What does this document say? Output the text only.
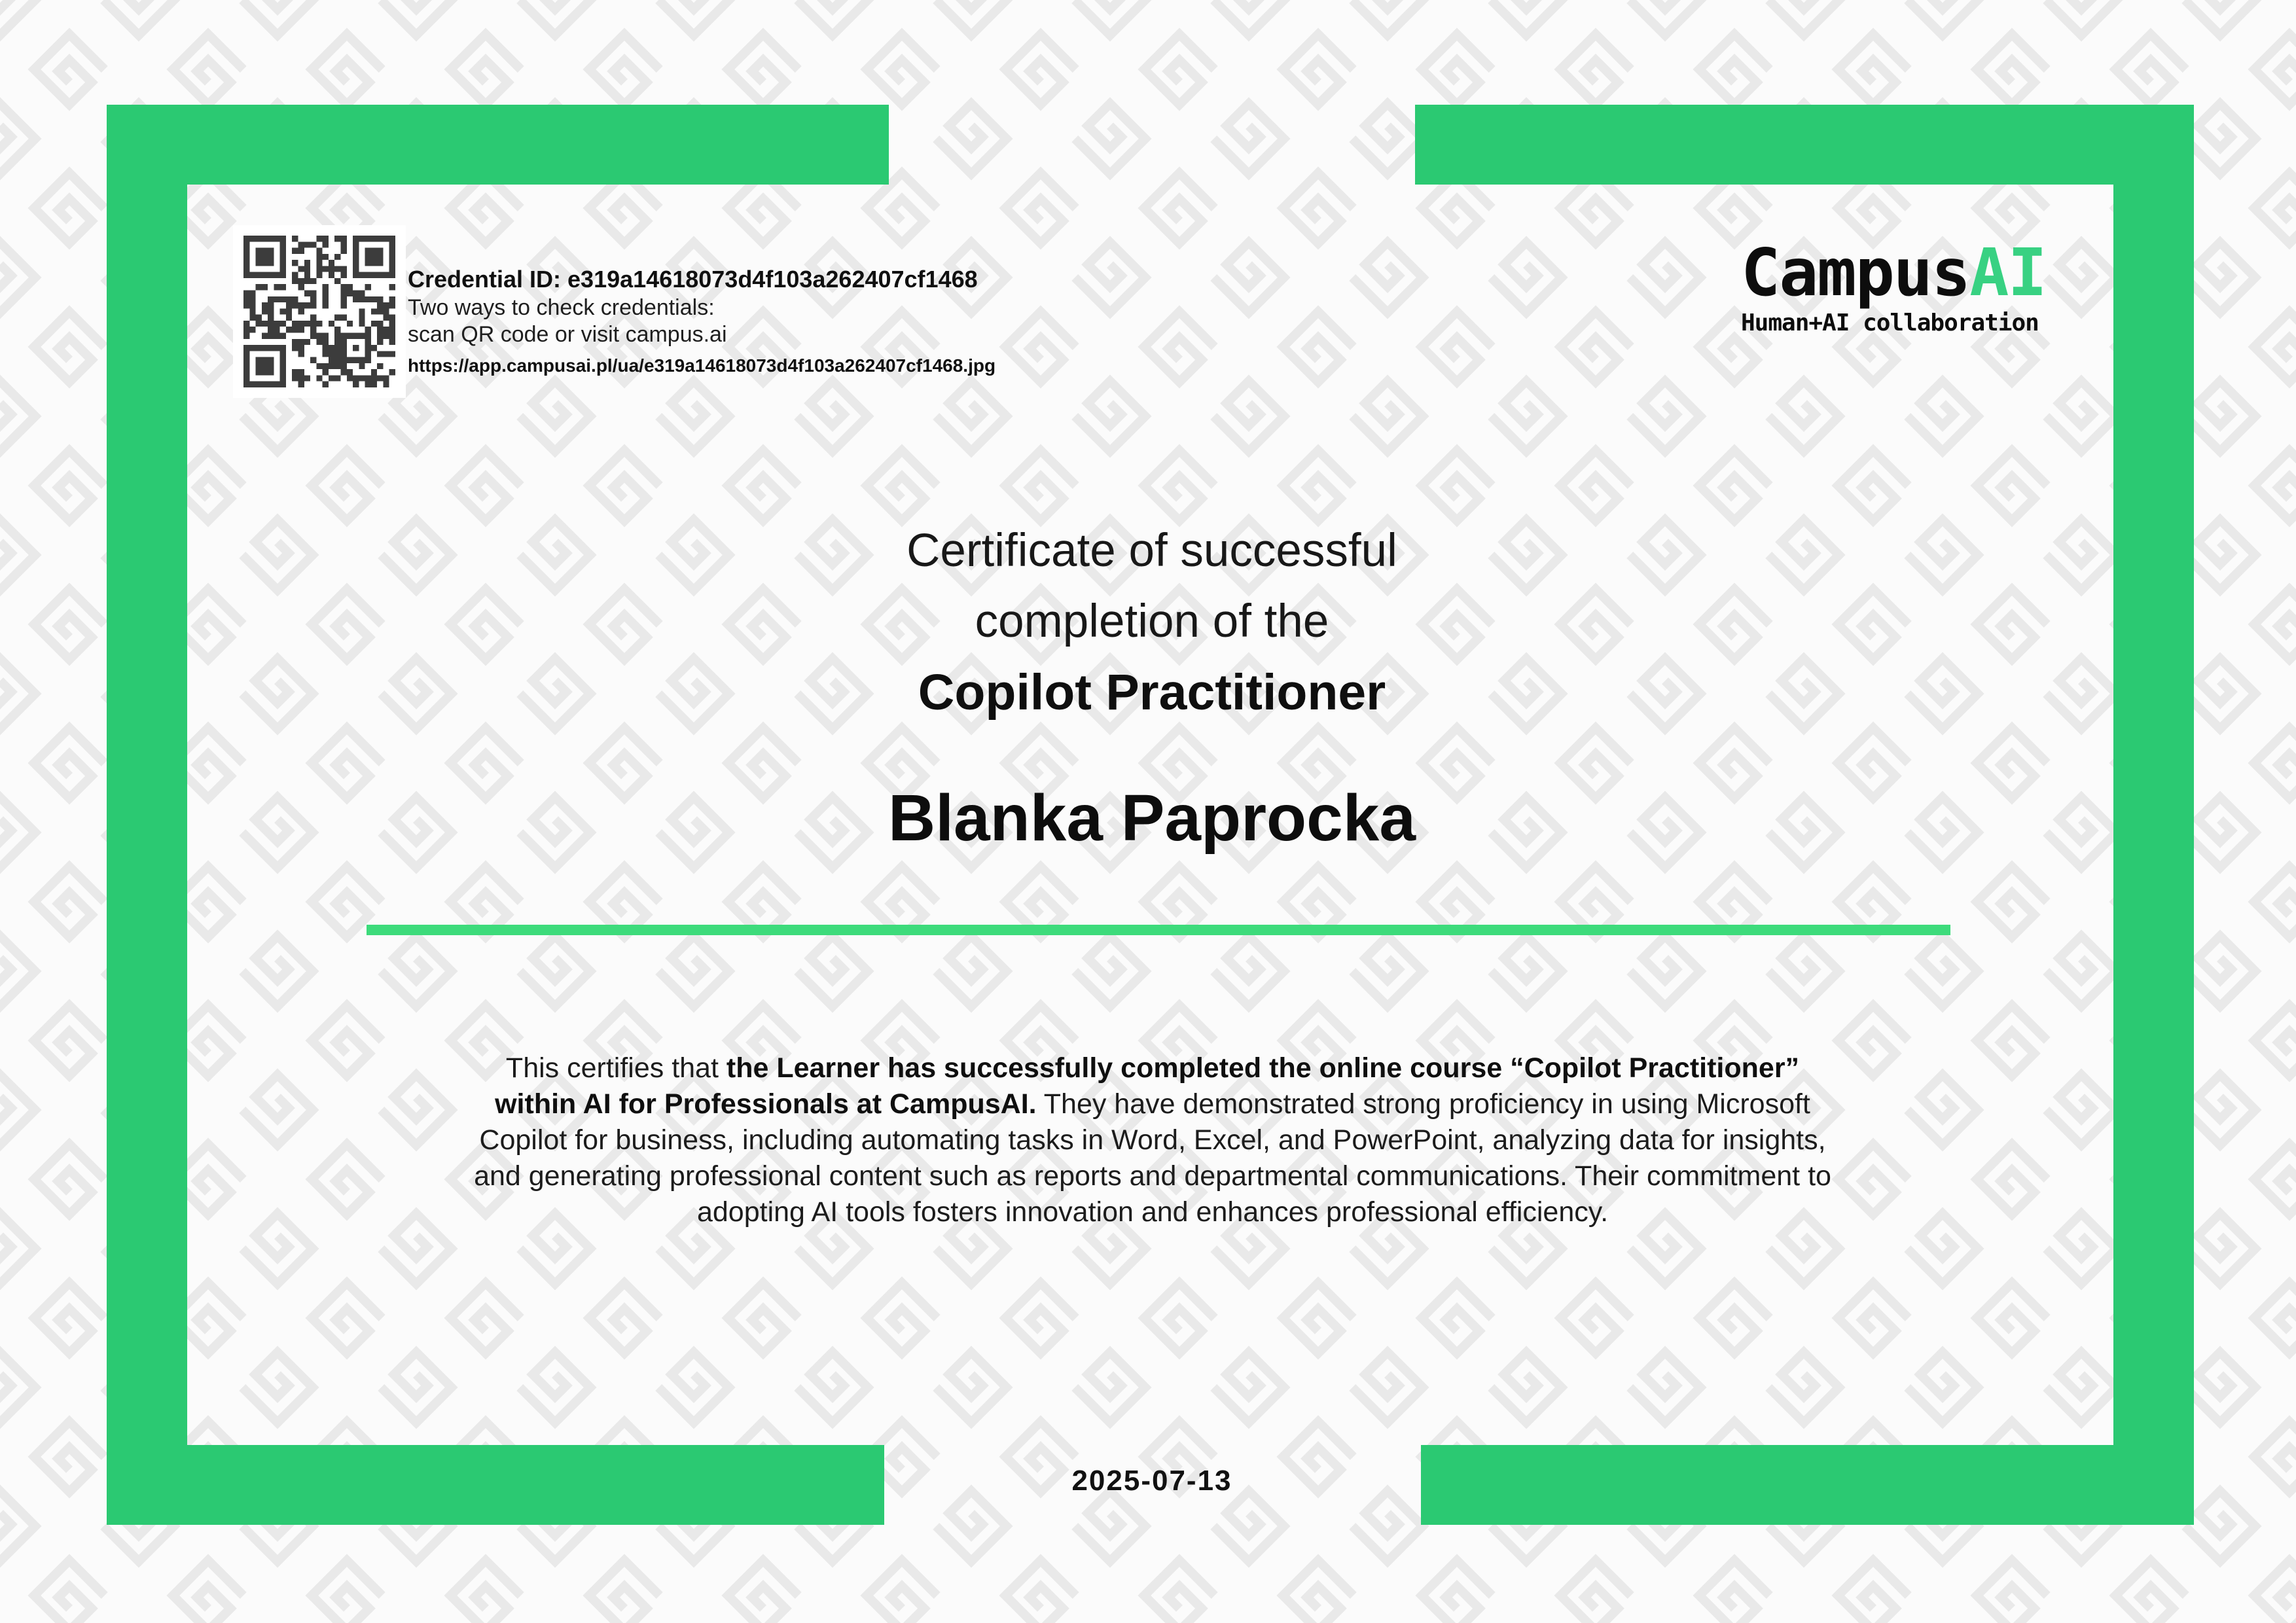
Credential ID: e319a14618073d4f103a262407cf1468
Two ways to check credentials:
scan QR code or visit campus.ai
https://app.campusai.pl/ua/e319a14618073d4f103a262407cf1468.jpg
CampusAI
Human+AI collaboration
Certificate of successful
completion of the
Copilot Practitioner
Blanka Paprocka

This certifies that the Learner has successfully completed the online course “Copilot Practitioner” within AI for Professionals at CampusAI. They have demonstrated strong proficiency in using Microsoft Copilot for business, including automating tasks in Word, Excel, and PowerPoint, analyzing data for insights, and generating professional content such as reports and departmental communications. Their commitment to adopting AI tools fosters innovation and enhances professional efficiency.

2025-07-13
